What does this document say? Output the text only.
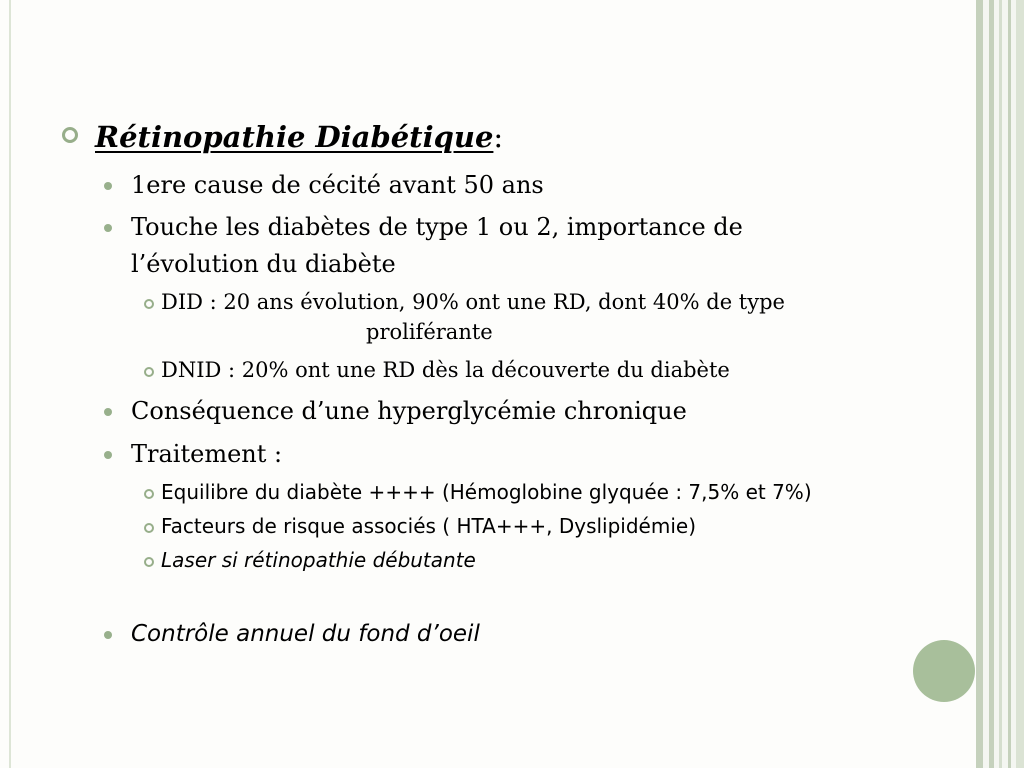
Rétinopathie Diabétique:
1ere cause de cécité avant 50 ans
Touche les diabètes de type 1 ou 2, importance de
l’évolution du diabète
DID : 20 ans évolution, 90% ont une RD, dont 40% de type
proliférante
DNID : 20% ont une RD dès la découverte du diabète
Conséquence d’une hyperglycémie chronique
Traitement :
Equilibre du diabète ++++ (Hémoglobine glyquée : 7,5% et 7%)
Facteurs de risque associés ( HTA+++, Dyslipidémie)
Laser si rétinopathie débutante
Contrôle annuel du fond d’oeil
